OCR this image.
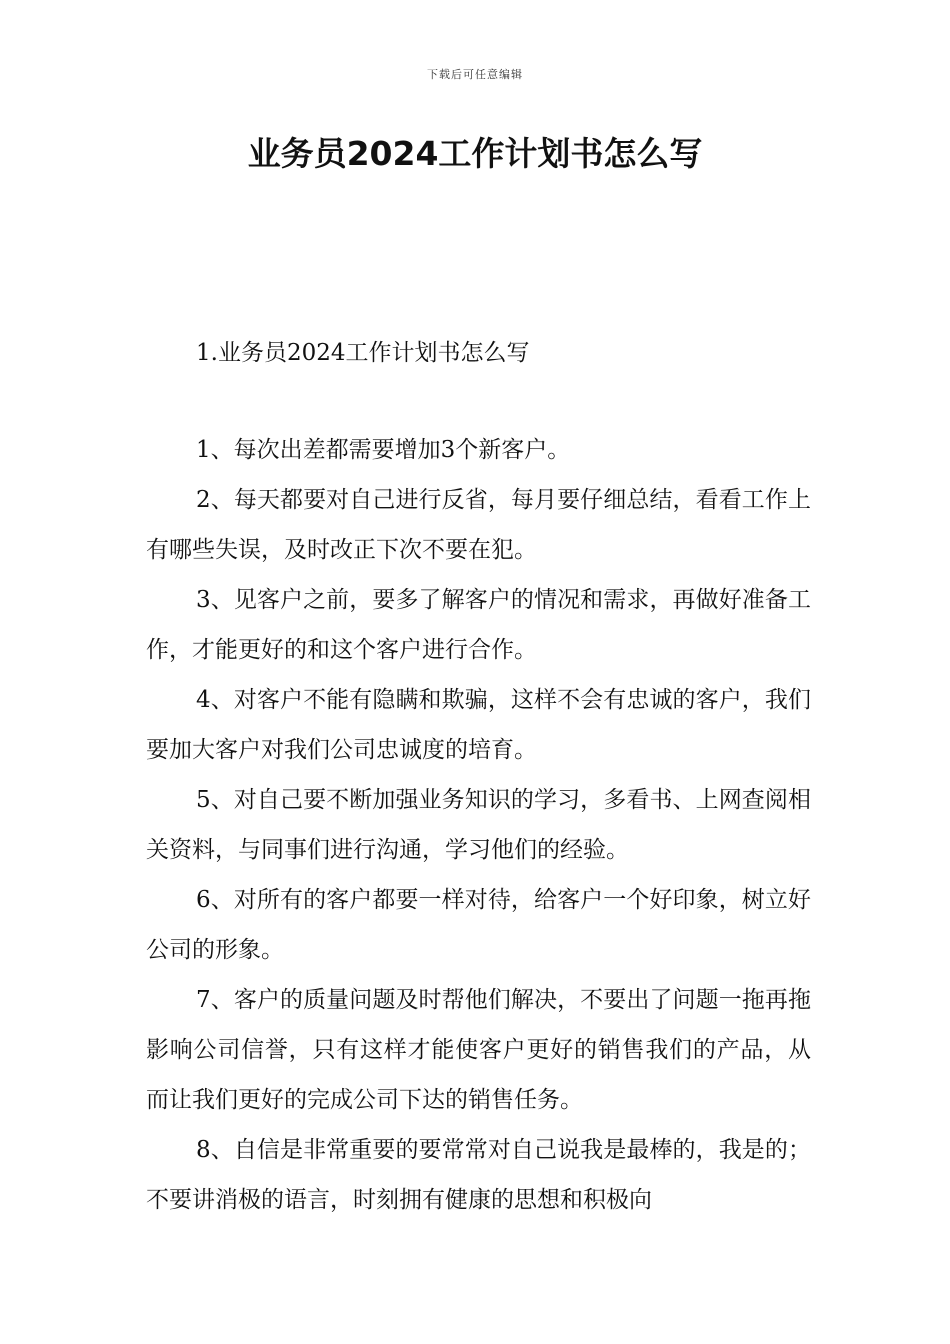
下载后可任意编辑
业务员2024工作计划书怎么写

1.业务员2024工作计划书怎么写

1、每次出差都需要增加3个新客户。

2、每天都要对自己进行反省，每月要仔细总结，看看工作上有哪些失误，及时改正下次不要在犯。

3、见客户之前，要多了解客户的情况和需求，再做好准备工作，才能更好的和这个客户进行合作。

4、对客户不能有隐瞒和欺骗，这样不会有忠诚的客户，我们要加大客户对我们公司忠诚度的培育。

5、对自己要不断加强业务知识的学习，多看书、上网查阅相关资料，与同事们进行沟通，学习他们的经验。

6、对所有的客户都要一样对待，给客户一个好印象，树立好公司的形象。

7、客户的质量问题及时帮他们解决，不要出了问题一拖再拖影响公司信誉，只有这样才能使客户更好的销售我们的产品，从而让我们更好的完成公司下达的销售任务。

8、自信是非常重要的要常常对自己说我是最棒的，我是的；不要讲消极的语言，时刻拥有健康的思想和积极向
